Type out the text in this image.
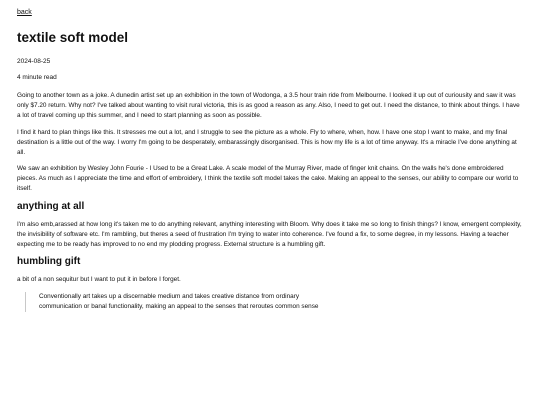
back
textile soft model
2024-08-25
4 minute read

Going to another town as a joke. A dunedin artist set up an exhibition in the town of Wodonga, a 3.5 hour train ride from Melbourne. I looked it up out of curiousity and saw it was only $7.20 return. Why not? I've talked about wanting to visit rural victoria, this is as good a reason as any. Also, I need to get out. I need the distance, to think about things. I have a lot of travel coming up this summer, and I need to start planning as soon as possible.

I find it hard to plan things like this. It stresses me out a lot, and I struggle to see the picture as a whole. Fly to where, when, how. I have one stop I want to make, and my final destination is a little out of the way. I worry I'm going to be desperately, embarassingly disorganised. This is how my life is a lot of time anyway. It's a miracle I've done anything at all.

We saw an exhibition by Wesley John Fourie - I Used to be a Great Lake. A scale model of the Murray River, made of finger knit chains. On the walls he's done embroidered pieces. As much as I appreciate the time and effort of embroidery, I think the textile soft model takes the cake. Making an appeal to the senses, our ability to compare our world to itself.

anything at all

I'm also emb,arassed at how long it's taken me to do anything relevant, anything interesting with Bloom. Why does it take me so long to finish things? I know, emergent complexity, the invisibility of software etc. I'm rambling, but theres a seed of frustration I'm trying to water into coherence. I've found a fix, to some degree, in my lessons. Having a teacher expecting me to be ready has improved to no end my plodding progress. External structure is a humbling gift.

humbling gift

a bit of a non sequitur but I want to put it in before I forget.

Conventionally art takes up a discernable medium and takes creative distance from ordinary communication or banal functionality, making an appeal to the senses that reroutes common sense
